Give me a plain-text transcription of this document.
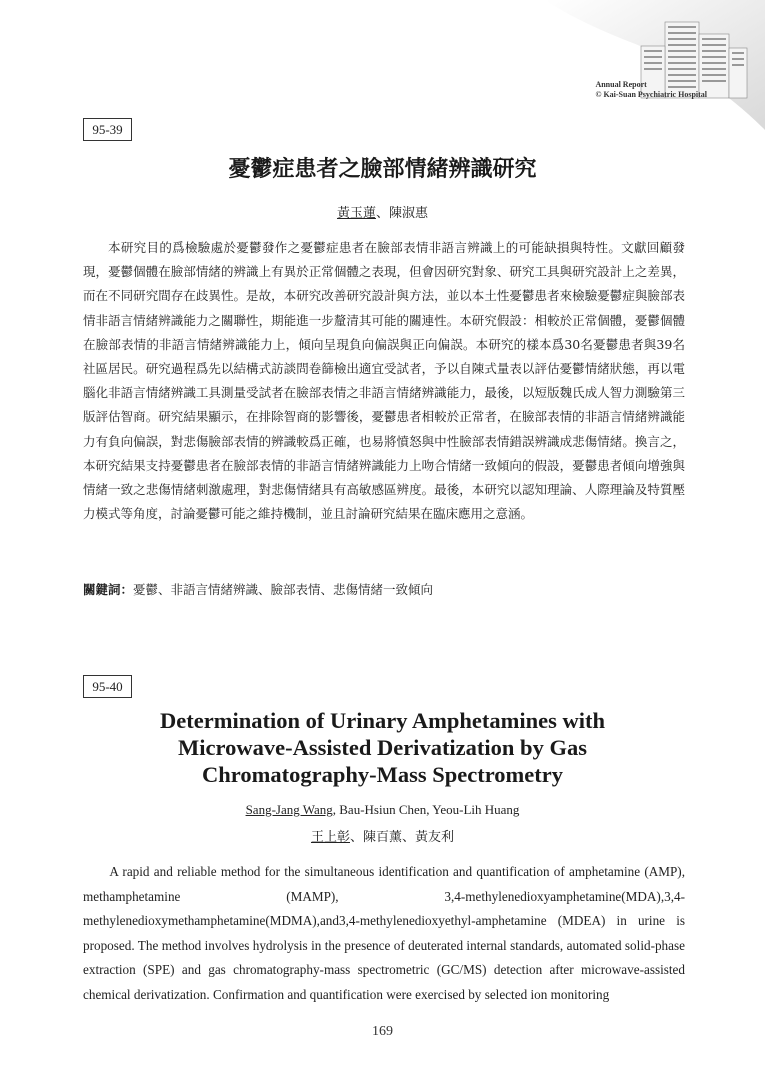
Annual Report
© Kai-Suan Psychiatric Hospital
95-39
憂鬱症患者之臉部情緒辨識研究
黃玉蓮、陳淑惠

本研究目的爲檢驗處於憂鬱發作之憂鬱症患者在臉部表情非語言辨識上的可能缺損與特性。文獻回顧發現，憂鬱個體在臉部情緒的辨識上有異於正常個體之表現，但會因研究對象、研究工具與研究設計上之差異，而在不同研究間存在歧異性。是故，本研究改善研究設計與方法，並以本土性憂鬱患者來檢驗憂鬱症與臉部表情非語言情緒辨識能力之關聯性，期能進一步釐清其可能的關連性。本研究假設：相較於正常個體，憂鬱個體在臉部表情的非語言情緒辨識能力上，傾向呈現負向偏誤與正向偏誤。本研究的樣本爲30名憂鬱患者與39名社區居民。研究過程爲先以結構式訪談問卷篩檢出適宜受試者，予以自陳式量表以評估憂鬱情緒狀態，再以電腦化非語言情緒辨識工具測量受試者在臉部表情之非語言情緒辨識能力，最後，以短版魏氏成人智力測驗第三版評估智商。研究結果顯示，在排除智商的影響後，憂鬱患者相較於正常者，在臉部表情的非語言情緒辨識能力有負向偏誤，對悲傷臉部表情的辨識較爲正確，也易將憤怒與中性臉部表情錯誤辨識成悲傷情緒。換言之，本研究結果支持憂鬱患者在臉部表情的非語言情緒辨識能力上吻合情緒一致傾向的假設，憂鬱患者傾向增強與情緒一致之悲傷情緒刺激處理，對悲傷情緒具有高敏感區辨度。最後，本研究以認知理論、人際理論及特質壓力模式等角度，討論憂鬱可能之維持機制，並且討論研究結果在臨床應用之意涵。

關鍵詞：憂鬱、非語言情緒辨識、臉部表情、悲傷情緒一致傾向
95-40
Determination of Urinary Amphetamines with
Microwave-Assisted Derivatization by Gas
Chromatography-Mass Spectrometry
Sang-Jang Wang, Bau-Hsiun Chen, Yeou-Lih Huang
王上彰、陳百薰、黃友利

A rapid and reliable method for the simultaneous identification and quantification of amphetamine (AMP), methamphetamine (MAMP), 3,4-methylenedioxyamphetamine(MDA),3,4-methylenedioxymethamphetamine(MDMA),and3,4-methylenedioxyethyl-amphetamine (MDEA) in urine is proposed. The method involves hydrolysis in the presence of deuterated internal standards, automated solid-phase extraction (SPE) and gas chromatography-mass spectrometric (GC/MS) detection after microwave-assisted chemical derivatization. Confirmation and quantification were exercised by selected ion monitoring

169
